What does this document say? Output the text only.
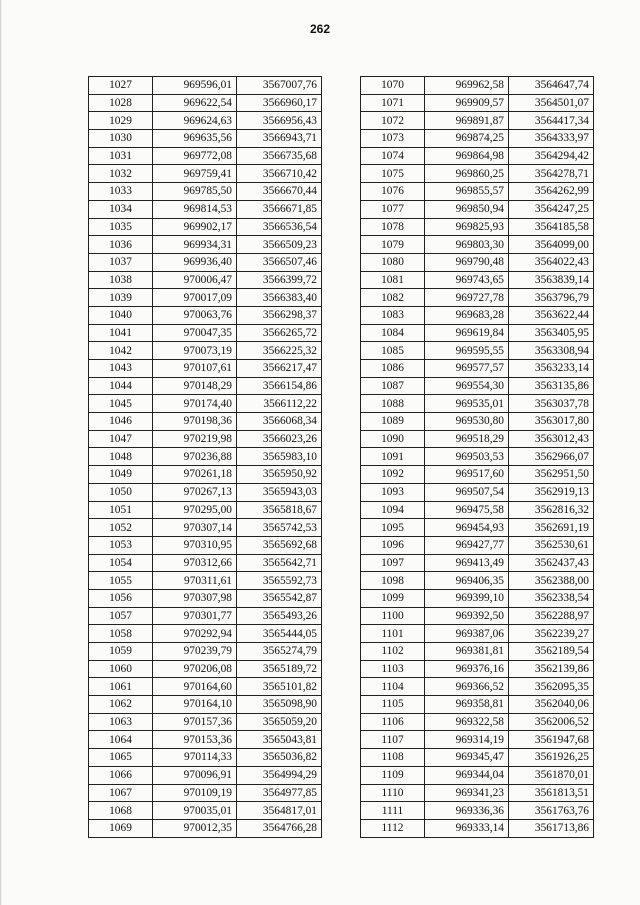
262
1027	969596,01	3567007,76
1028	969622,54	3566960,17
1029	969624,63	3566956,43
1030	969635,56	3566943,71
1031	969772,08	3566735,68
1032	969759,41	3566710,42
1033	969785,50	3566670,44
1034	969814,53	3566671,85
1035	969902,17	3566536,54
1036	969934,31	3566509,23
1037	969936,40	3566507,46
1038	970006,47	3566399,72
1039	970017,09	3566383,40
1040	970063,76	3566298,37
1041	970047,35	3566265,72
1042	970073,19	3566225,32
1043	970107,61	3566217,47
1044	970148,29	3566154,86
1045	970174,40	3566112,22
1046	970198,36	3566068,34
1047	970219,98	3566023,26
1048	970236,88	3565983,10
1049	970261,18	3565950,92
1050	970267,13	3565943,03
1051	970295,00	3565818,67
1052	970307,14	3565742,53
1053	970310,95	3565692,68
1054	970312,66	3565642,71
1055	970311,61	3565592,73
1056	970307,98	3565542,87
1057	970301,77	3565493,26
1058	970292,94	3565444,05
1059	970239,79	3565274,79
1060	970206,08	3565189,72
1061	970164,60	3565101,82
1062	970164,10	3565098,90
1063	970157,36	3565059,20
1064	970153,36	3565043,81
1065	970114,33	3565036,82
1066	970096,91	3564994,29
1067	970109,19	3564977,85
1068	970035,01	3564817,01
1069	970012,35	3564766,28
1070	969962,58	3564647,74
1071	969909,57	3564501,07
1072	969891,87	3564417,34
1073	969874,25	3564333,97
1074	969864,98	3564294,42
1075	969860,25	3564278,71
1076	969855,57	3564262,99
1077	969850,94	3564247,25
1078	969825,93	3564185,58
1079	969803,30	3564099,00
1080	969790,48	3564022,43
1081	969743,65	3563839,14
1082	969727,78	3563796,79
1083	969683,28	3563622,44
1084	969619,84	3563405,95
1085	969595,55	3563308,94
1086	969577,57	3563233,14
1087	969554,30	3563135,86
1088	969535,01	3563037,78
1089	969530,80	3563017,80
1090	969518,29	3563012,43
1091	969503,53	3562966,07
1092	969517,60	3562951,50
1093	969507,54	3562919,13
1094	969475,58	3562816,32
1095	969454,93	3562691,19
1096	969427,77	3562530,61
1097	969413,49	3562437,43
1098	969406,35	3562388,00
1099	969399,10	3562338,54
1100	969392,50	3562288,97
1101	969387,06	3562239,27
1102	969381,81	3562189,54
1103	969376,16	3562139,86
1104	969366,52	3562095,35
1105	969358,81	3562040,06
1106	969322,58	3562006,52
1107	969314,19	3561947,68
1108	969345,47	3561926,25
1109	969344,04	3561870,01
1110	969341,23	3561813,51
1111	969336,36	3561763,76
1112	969333,14	3561713,86
